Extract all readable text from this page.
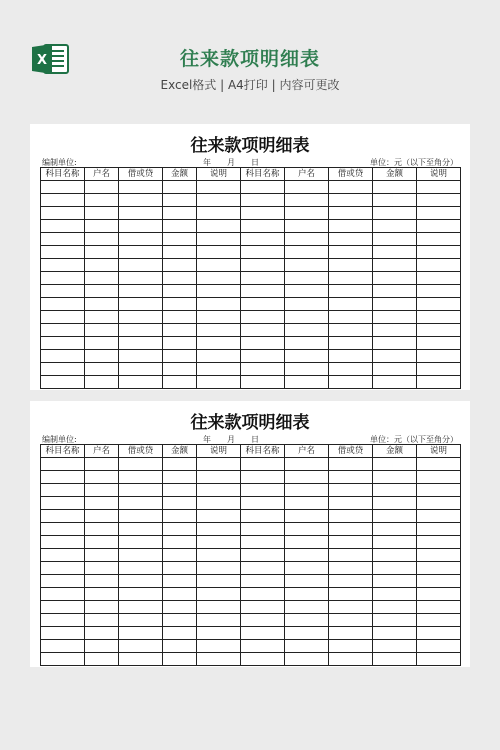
X	往来款项明细表
Excel格式 | A4打印 | 内容可更改
往来款项明细表
编制单位:	年　　月　　日	单位：元（以下至角分）
科目名称	户名	借或贷	金额	说明	科目名称	户名	借或贷	金额	说明

往来款项明细表
编制单位:	年　　月　　日	单位：元（以下至角分）
科目名称	户名	借或贷	金额	说明	科目名称	户名	借或贷	金额	说明
